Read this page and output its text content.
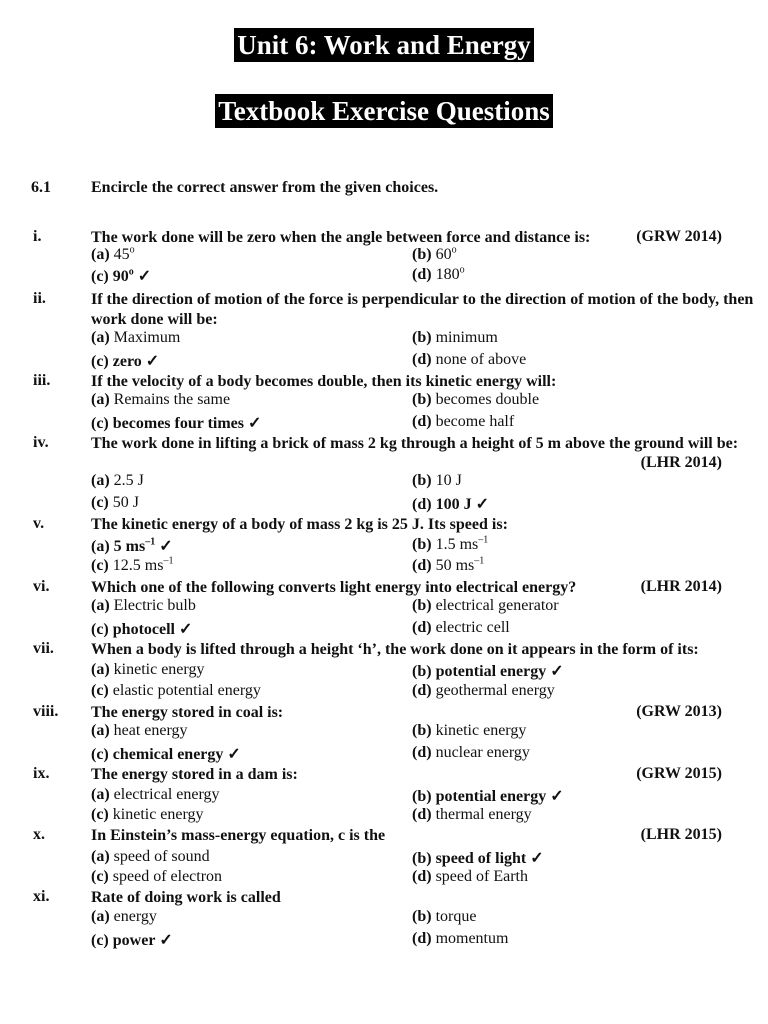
Unit 6: Work and Energy
Textbook Exercise Questions
6.1	Encircle the correct answer from the given choices.
i.	The work done will be zero when the angle between force and distance is:	(GRW 2014)
(a) 45$^o$	(b) 60$^o$
(c) 90$^o$ ✓	(d) 180$^o$
ii.	If the direction of motion of the force is perpendicular to the direction of motion of the body, then work done will be:
(a) Maximum	(b) minimum
(c) zero ✓	(d) none of above
iii.	If the velocity of a body becomes double, then its kinetic energy will:
(a) Remains the same	(b) becomes double
(c) becomes four times ✓	(d) become half
iv.	The work done in lifting a brick of mass 2 kg through a height of 5 m above the ground will be:
(LHR 2014)
(a) 2.5 J	(b) 10 J
(c) 50 J	(d) 100 J ✓
v.	The kinetic energy of a body of mass 2 kg is 25 J. Its speed is:
(a) 5 $ms^{-1}$ ✓	(b) 1.5 $ms^{-1}$
(c) 12.5 $ms^{-1}$	(d) 50 $ms^{-1}$
vi.	Which one of the following converts light energy into electrical energy?	(LHR 2014)
(a) Electric bulb	(b) electrical generator
(c) photocell ✓	(d) electric cell
vii. When a body is lifted through a height ‘h’, the work done on it appears in the form of its:
(a) kinetic energy	(b) potential energy ✓
(c) elastic potential energy	(d) geothermal energy
viii. The energy stored in coal is:	(GRW 2013)
(a) heat energy	(b) kinetic energy
(c) chemical energy ✓	(d) nuclear energy
ix.	The energy stored in a dam is:	(GRW 2015)
(a) electrical energy	(b) potential energy ✓
(c) kinetic energy	(d) thermal energy
x.	In Einstein’s mass-energy equation, c is the	(LHR 2015)
(a) speed of sound	(b) speed of light ✓
(c) speed of electron	(d) speed of Earth
xi.	Rate of doing work is called
(a) energy	(b) torque
(c) power ✓	(d) momentum
